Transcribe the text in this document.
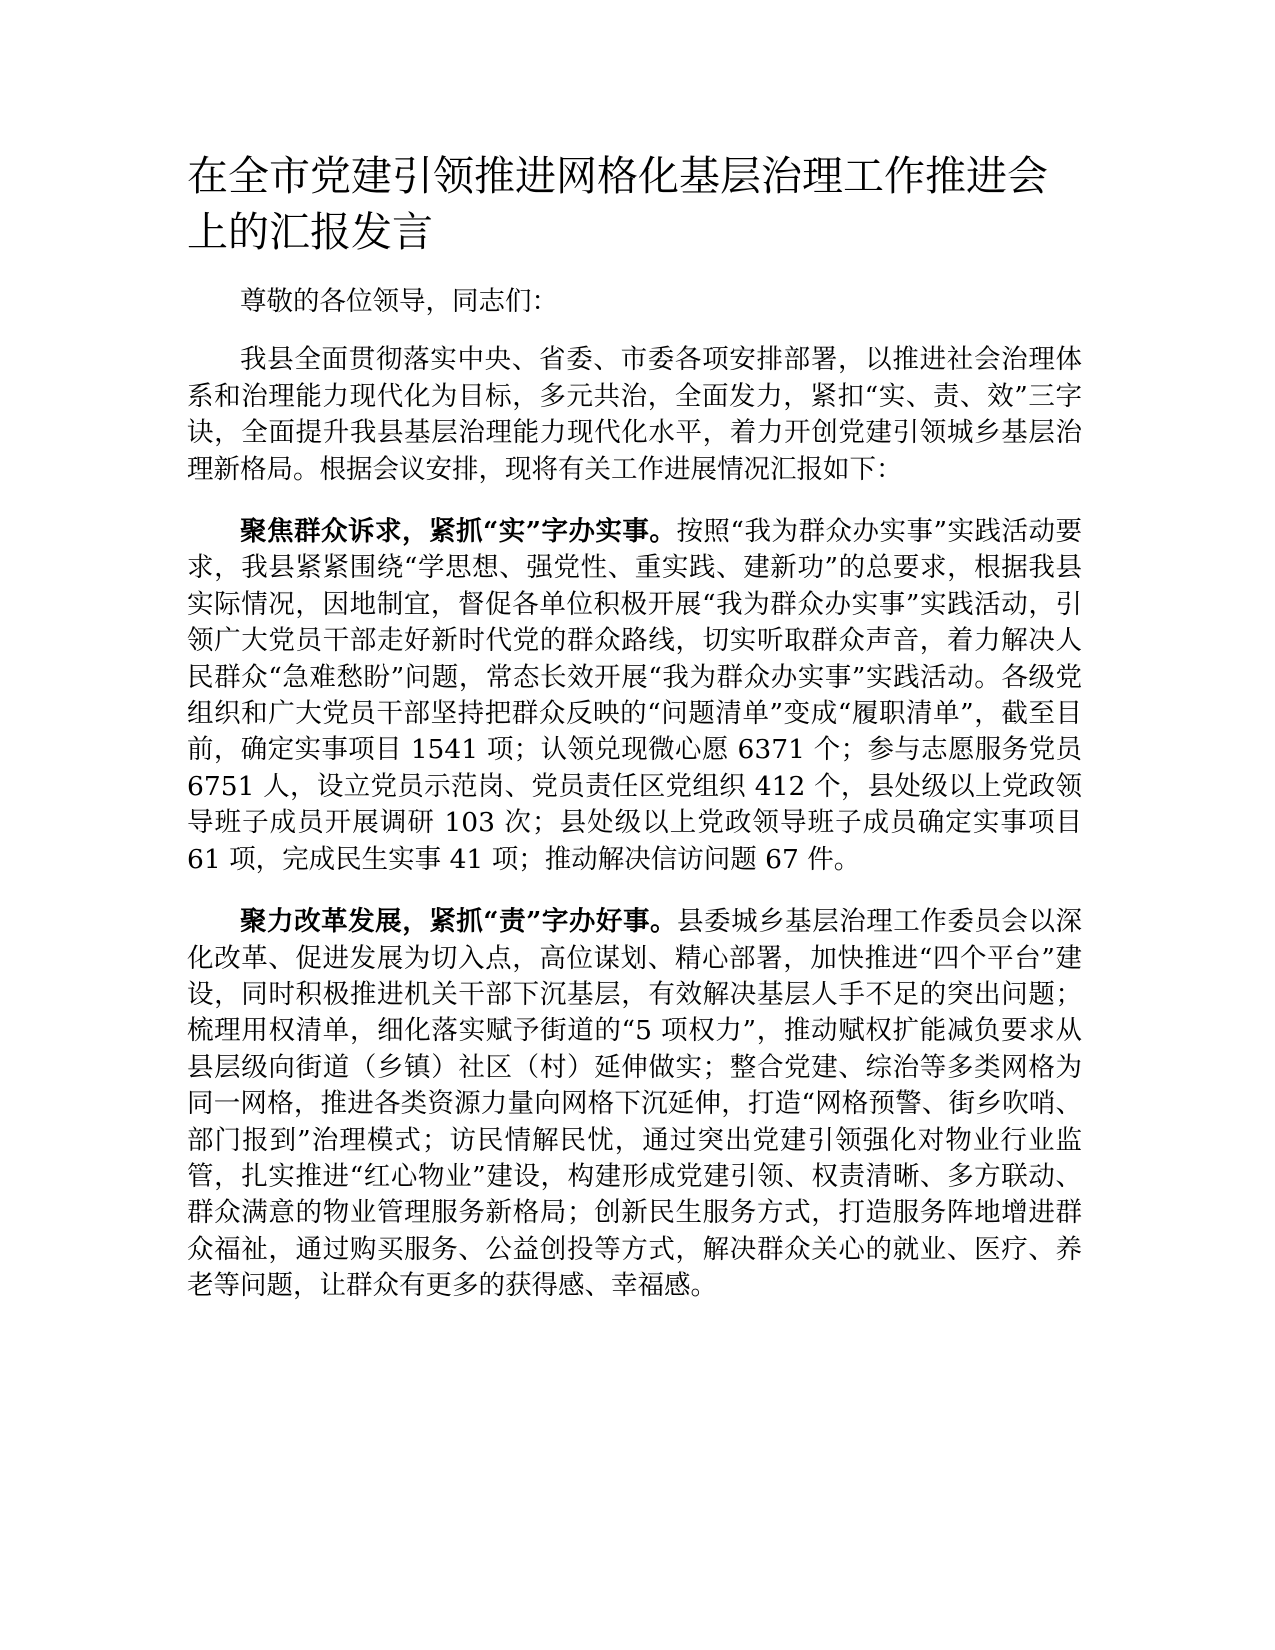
在全市党建引领推进网格化基层治理工作推进会上的汇报发言

尊敬的各位领导，同志们：

我县全面贯彻落实中央、省委、市委各项安排部署，以推进社会治理体系和治理能力现代化为目标，多元共治，全面发力，紧扣“实、责、效”三字诀，全面提升我县基层治理能力现代化水平，着力开创党建引领城乡基层治理新格局。根据会议安排，现将有关工作进展情况汇报如下：

聚焦群众诉求，紧抓“实”字办实事。按照“我为群众办实事”实践活动要求，我县紧紧围绕“学思想、强党性、重实践、建新功”的总要求，根据我县实际情况，因地制宜，督促各单位积极开展“我为群众办实事”实践活动，引领广大党员干部走好新时代党的群众路线，切实听取群众声音，着力解决人民群众“急难愁盼”问题，常态长效开展“我为群众办实事”实践活动。各级党组织和广大党员干部坚持把群众反映的“问题清单”变成“履职清单”，截至目前，确定实事项目 1541 项；认领兑现微心愿 6371 个；参与志愿服务党员 6751 人，设立党员示范岗、党员责任区党组织 412 个，县处级以上党政领导班子成员开展调研 103 次；县处级以上党政领导班子成员确定实事项目 61 项，完成民生实事 41 项；推动解决信访问题 67 件。

聚力改革发展，紧抓“责”字办好事。县委城乡基层治理工作委员会以深化改革、促进发展为切入点，高位谋划、精心部署，加快推进“四个平台”建设，同时积极推进机关干部下沉基层，有效解决基层人手不足的突出问题；梳理用权清单，细化落实赋予街道的“5 项权力”，推动赋权扩能减负要求从县层级向街道（乡镇）社区（村）延伸做实；整合党建、综治等多类网格为同一网格，推进各类资源力量向网格下沉延伸，打造“网格预警、街乡吹哨、部门报到”治理模式；访民情解民忧，通过突出党建引领强化对物业行业监管，扎实推进“红心物业”建设，构建形成党建引领、权责清晰、多方联动、群众满意的物业管理服务新格局；创新民生服务方式，打造服务阵地增进群众福祉，通过购买服务、公益创投等方式，解决群众关心的就业、医疗、养老等问题，让群众有更多的获得感、幸福感。
